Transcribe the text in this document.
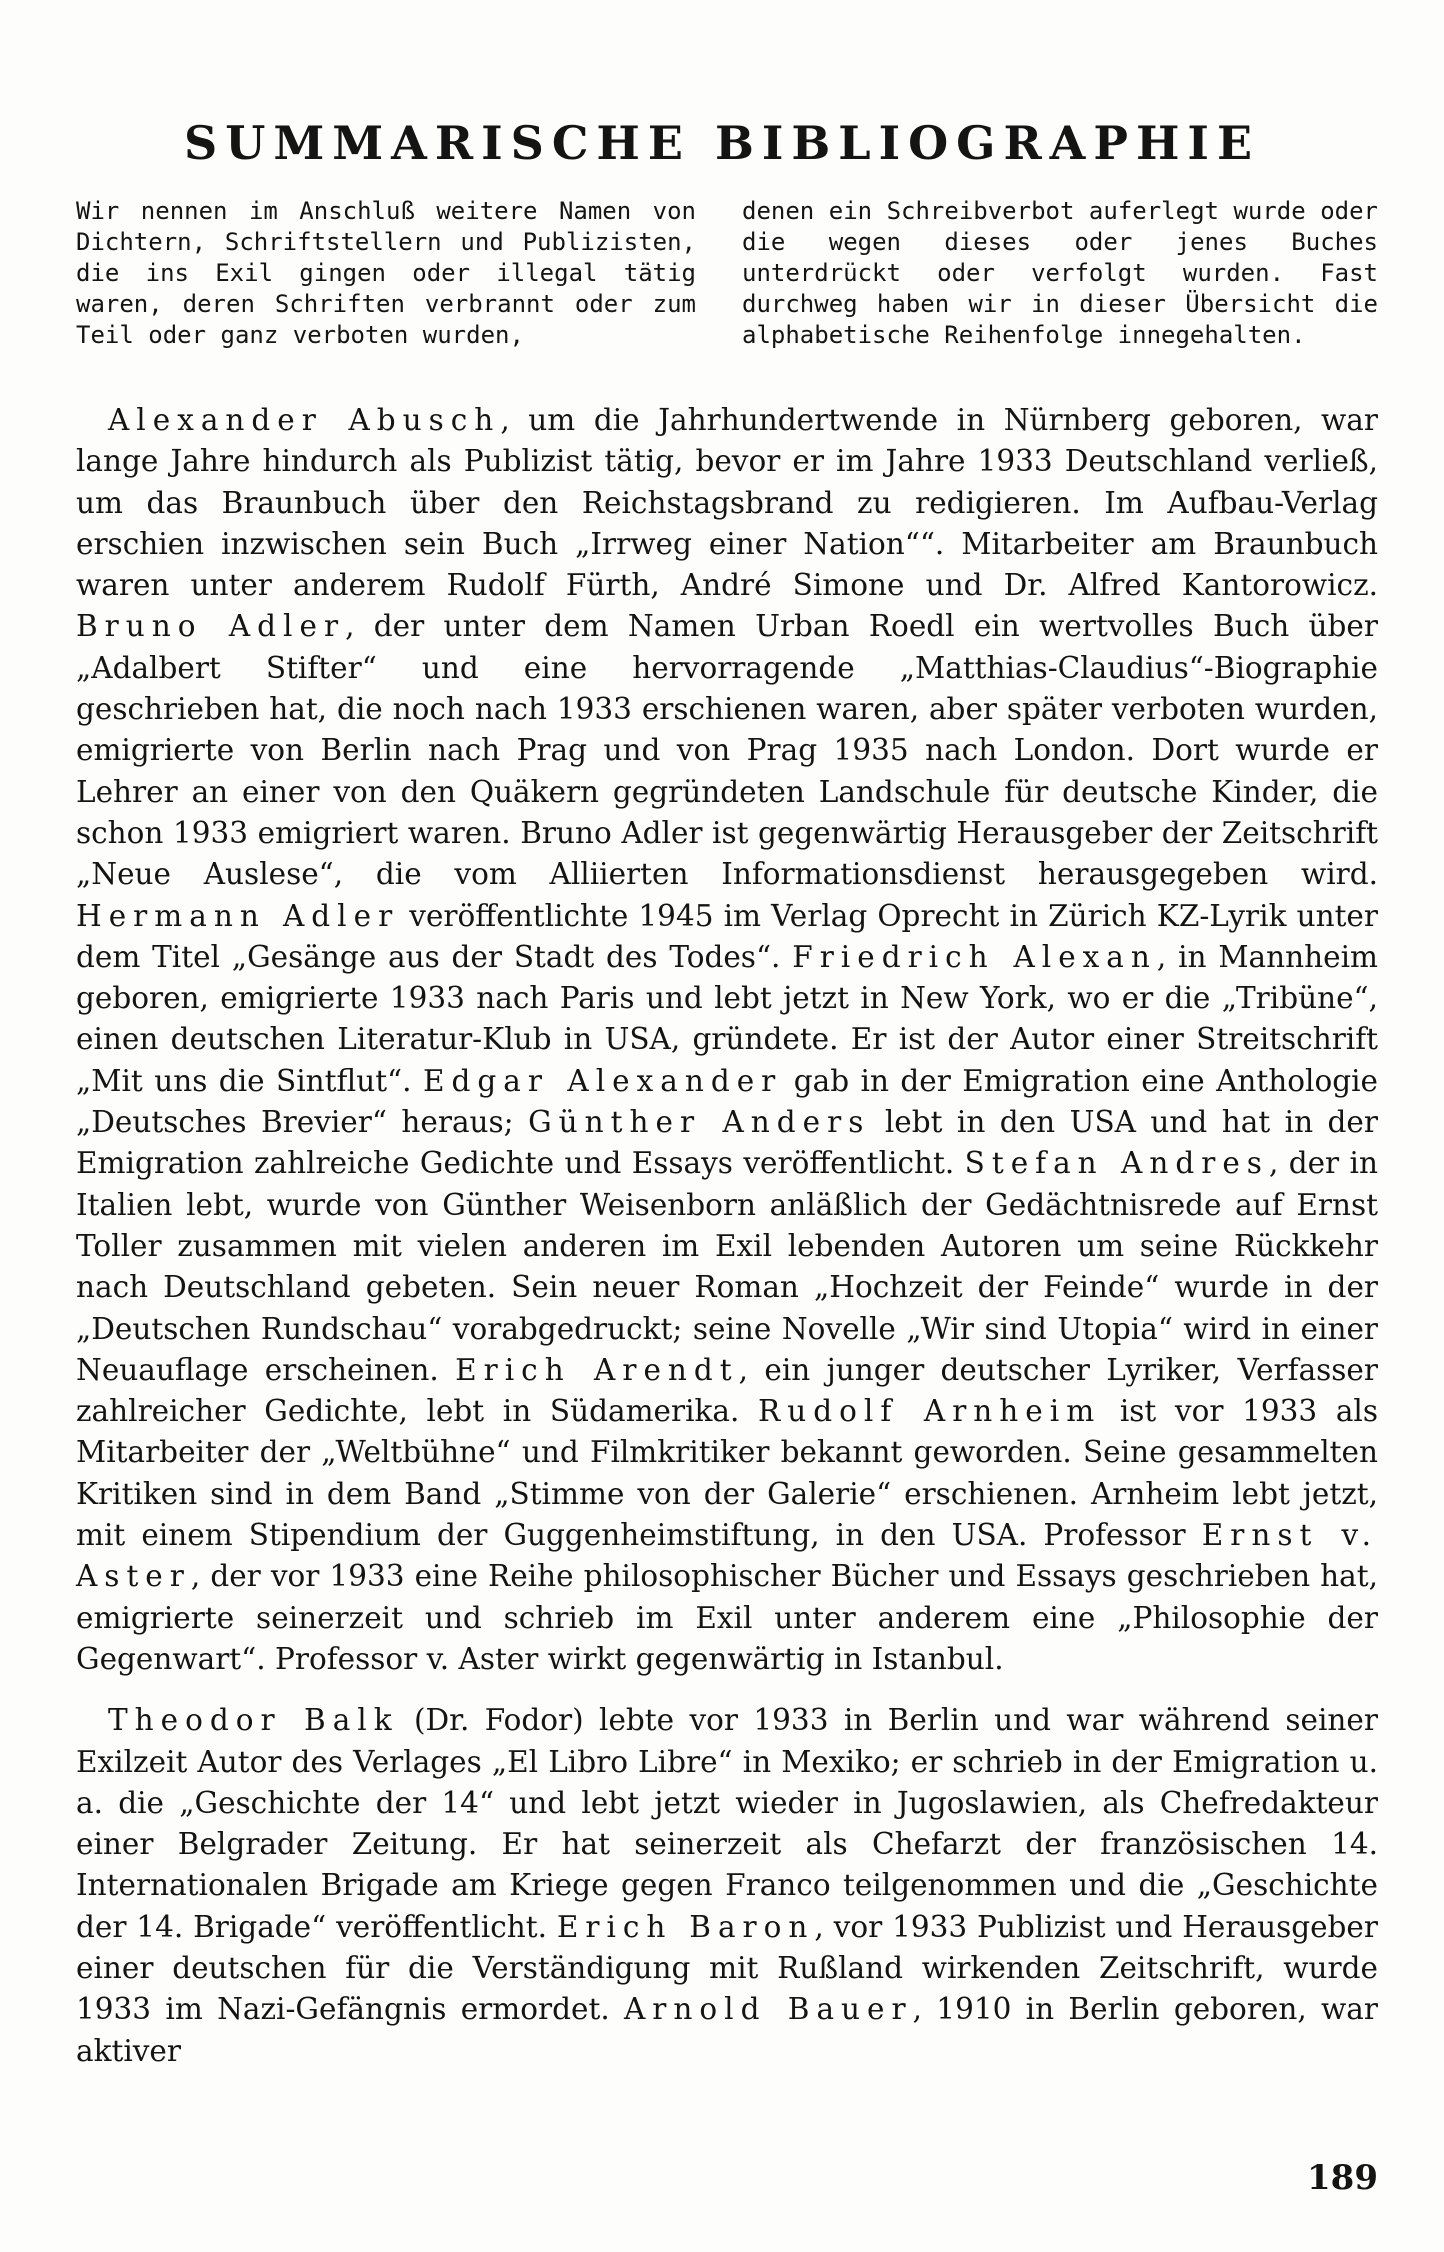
SUMMARISCHE BIBLIOGRAPHIE
Wir nennen im Anschluß weitere Namen von Dichtern, Schriftstellern und Publizisten, die ins Exil gingen oder illegal tätig waren, deren Schriften verbrannt oder zum Teil oder ganz verboten wurden,
denen ein Schreibverbot auferlegt wurde oder die wegen dieses oder jenes Buches unterdrückt oder verfolgt wurden. Fast durchweg haben wir in dieser Übersicht die alphabetische Reihenfolge innegehalten.

Alexander Abusch, um die Jahrhundertwende in Nürnberg geboren, war lange Jahre hindurch als Publizist tätig, bevor er im Jahre 1933 Deutschland verließ, um das Braunbuch über den Reichstagsbrand zu redigieren. Im Aufbau-Verlag erschien inzwischen sein Buch „Irrweg einer Nation““. Mitarbeiter am Braunbuch waren unter anderem Rudolf Fürth, André Simone und Dr. Alfred Kantorowicz. Bruno Adler, der unter dem Namen Urban Roedl ein wertvolles Buch über „Adalbert Stifter“ und eine hervorragende „Matthias-Claudius“-Biographie geschrieben hat, die noch nach 1933 erschienen waren, aber später verboten wurden, emigrierte von Berlin nach Prag und von Prag 1935 nach London. Dort wurde er Lehrer an einer von den Quäkern gegründeten Landschule für deutsche Kinder, die schon 1933 emigriert waren. Bruno Adler ist gegenwärtig Herausgeber der Zeitschrift „Neue Auslese“, die vom Alliierten Informationsdienst herausgegeben wird. Hermann Adler veröffentlichte 1945 im Verlag Oprecht in Zürich KZ-Lyrik unter dem Titel „Gesänge aus der Stadt des Todes“. Friedrich Alexan, in Mannheim geboren, emigrierte 1933 nach Paris und lebt jetzt in New York, wo er die „Tribüne“, einen deutschen Literatur-Klub in USA, gründete. Er ist der Autor einer Streitschrift „Mit uns die Sintflut“. Edgar Alexander gab in der Emigration eine Anthologie „Deutsches Brevier“ heraus; Günther Anders lebt in den USA und hat in der Emigration zahlreiche Gedichte und Essays veröffentlicht. Stefan Andres, der in Italien lebt, wurde von Günther Weisenborn anläßlich der Gedächtnisrede auf Ernst Toller zusammen mit vielen anderen im Exil lebenden Autoren um seine Rückkehr nach Deutschland gebeten. Sein neuer Roman „Hochzeit der Feinde“ wurde in der „Deutschen Rundschau“ vorabgedruckt; seine Novelle „Wir sind Utopia“ wird in einer Neuauflage erscheinen. Erich Arendt, ein junger deutscher Lyriker, Verfasser zahlreicher Gedichte, lebt in Südamerika. Rudolf Arnheim ist vor 1933 als Mitarbeiter der „Weltbühne“ und Filmkritiker bekannt geworden. Seine gesammelten Kritiken sind in dem Band „Stimme von der Galerie“ erschienen. Arnheim lebt jetzt, mit einem Stipendium der Guggenheimstiftung, in den USA. Professor Ernst v. Aster, der vor 1933 eine Reihe philosophischer Bücher und Essays geschrieben hat, emigrierte seinerzeit und schrieb im Exil unter anderem eine „Philosophie der Gegenwart“. Professor v. Aster wirkt gegenwärtig in Istanbul.

Theodor Balk (Dr. Fodor) lebte vor 1933 in Berlin und war während seiner Exilzeit Autor des Verlages „El Libro Libre“ in Mexiko; er schrieb in der Emigration u. a. die „Geschichte der 14“ und lebt jetzt wieder in Jugoslawien, als Chefredakteur einer Belgrader Zeitung. Er hat seinerzeit als Chefarzt der französischen 14. Internationalen Brigade am Kriege gegen Franco teilgenommen und die „Geschichte der 14. Brigade“ veröffentlicht. Erich Baron, vor 1933 Publizist und Herausgeber einer deutschen für die Verständigung mit Rußland wirkenden Zeitschrift, wurde 1933 im Nazi-Gefängnis ermordet. Arnold Bauer, 1910 in Berlin geboren, war aktiver

189
